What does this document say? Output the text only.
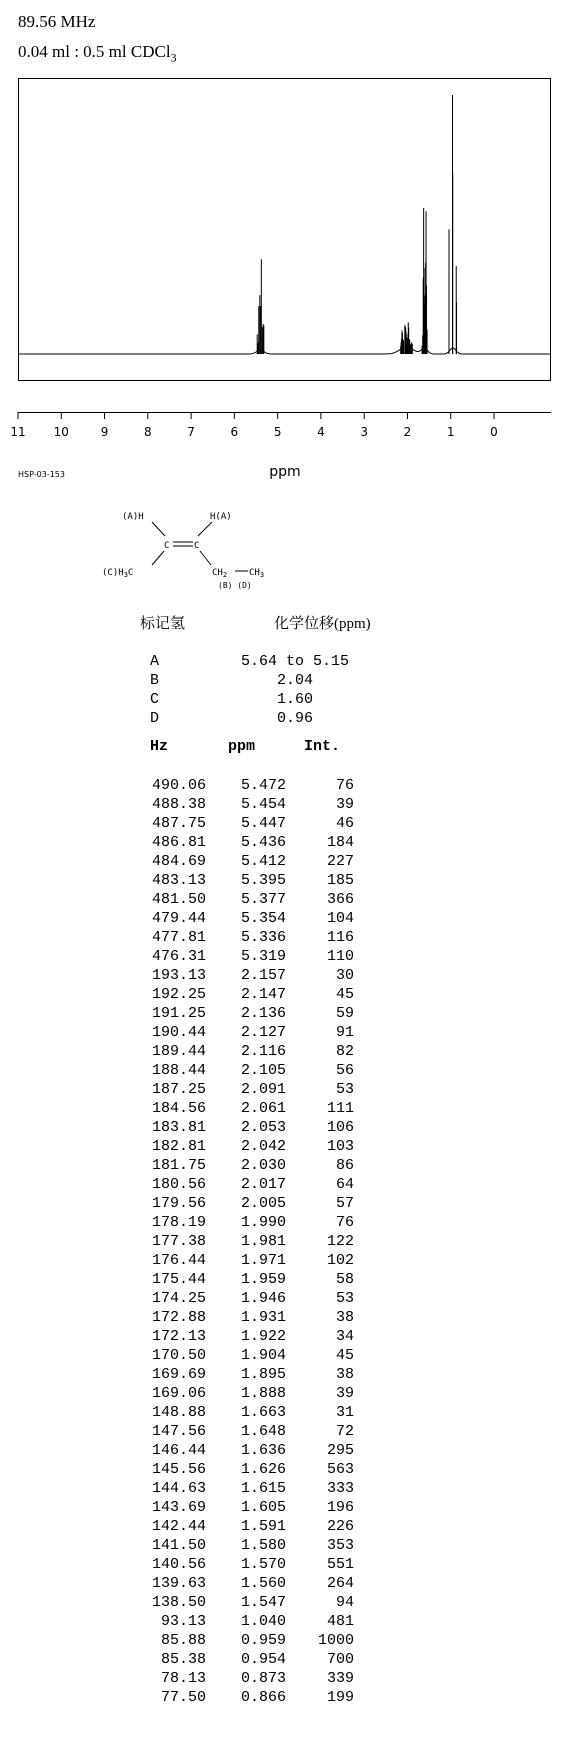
89.56 MHz
0.04 ml : 0.5 ml CDCl$_3$
11 10	9	8	7	6	5	4	3	2	1	0
ppm
HSP-03-153
(A)H	H(A)
C	C
$(C)H_3C$	$CH_2$ $CH_3$
(B) (D)
标记氢	化学位移(ppm)
A	5.64 to 5.15
B	2.04
C	1.60
D	0.96
Hz	ppm	Int.
490.06	5.472	76
488.38	5.454	39
487.75	5.447	46
486.81	5.436	184
484.69	5.412	227
483.13	5.395	185
481.50	5.377	366
479.44	5.354	104
477.81	5.336	116
476.31	5.319	110
193.13	2.157	30
192.25	2.147	45
191.25	2.136	59
190.44	2.127	91
189.44	2.116	82
188.44	2.105	56
187.25	2.091	53
184.56	2.061	111
183.81	2.053	106
182.81	2.042	103
181.75	2.030	86
180.56	2.017	64
179.56	2.005	57
178.19	1.990	76
177.38	1.981	122
176.44	1.971	102
175.44	1.959	58
174.25	1.946	53
172.88	1.931	38
172.13	1.922	34
170.50	1.904	45
169.69	1.895	38
169.06	1.888	39
148.88	1.663	31
147.56	1.648	72
146.44	1.636	295
145.56	1.626	563
144.63	1.615	333
143.69	1.605	196
142.44	1.591	226
141.50	1.580	353
140.56	1.570	551
139.63	1.560	264
138.50	1.547	94
93.13	1.040	481
85.88	0.959	1000
85.38	0.954	700
78.13	0.873	339
77.50	0.866	199
